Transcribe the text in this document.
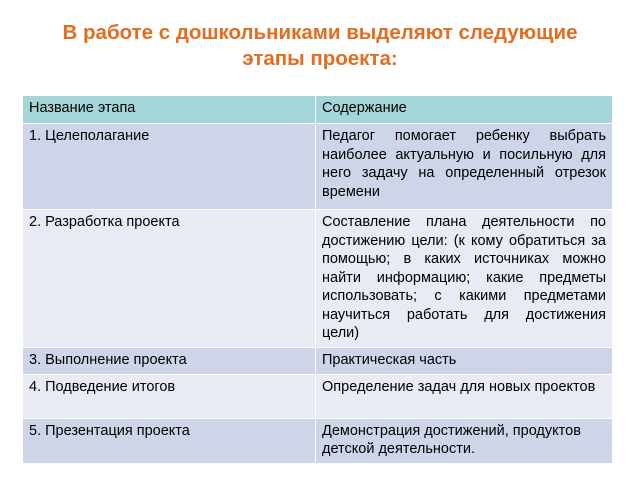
В работе с дошкольниками выделяют следующие
этапы проекта:
Название этапа	Содержание
1. Целеполагание	Педагог помогает ребенку выбрать наиболее актуальную и посильную для него задачу на определенный отрезок времени
2. Разработка проекта	Составление плана деятельности по достижению цели: (к кому обратиться за помощью; в каких источниках можно найти информацию; какие предметы использовать; с какими предметами научиться работать для достижения цели)
3. Выполнение проекта	Практическая часть
4. Подведение итогов	Определение задач для новых проектов
5. Презентация проекта	Демонстрация достижений, продуктов детской деятельности.
